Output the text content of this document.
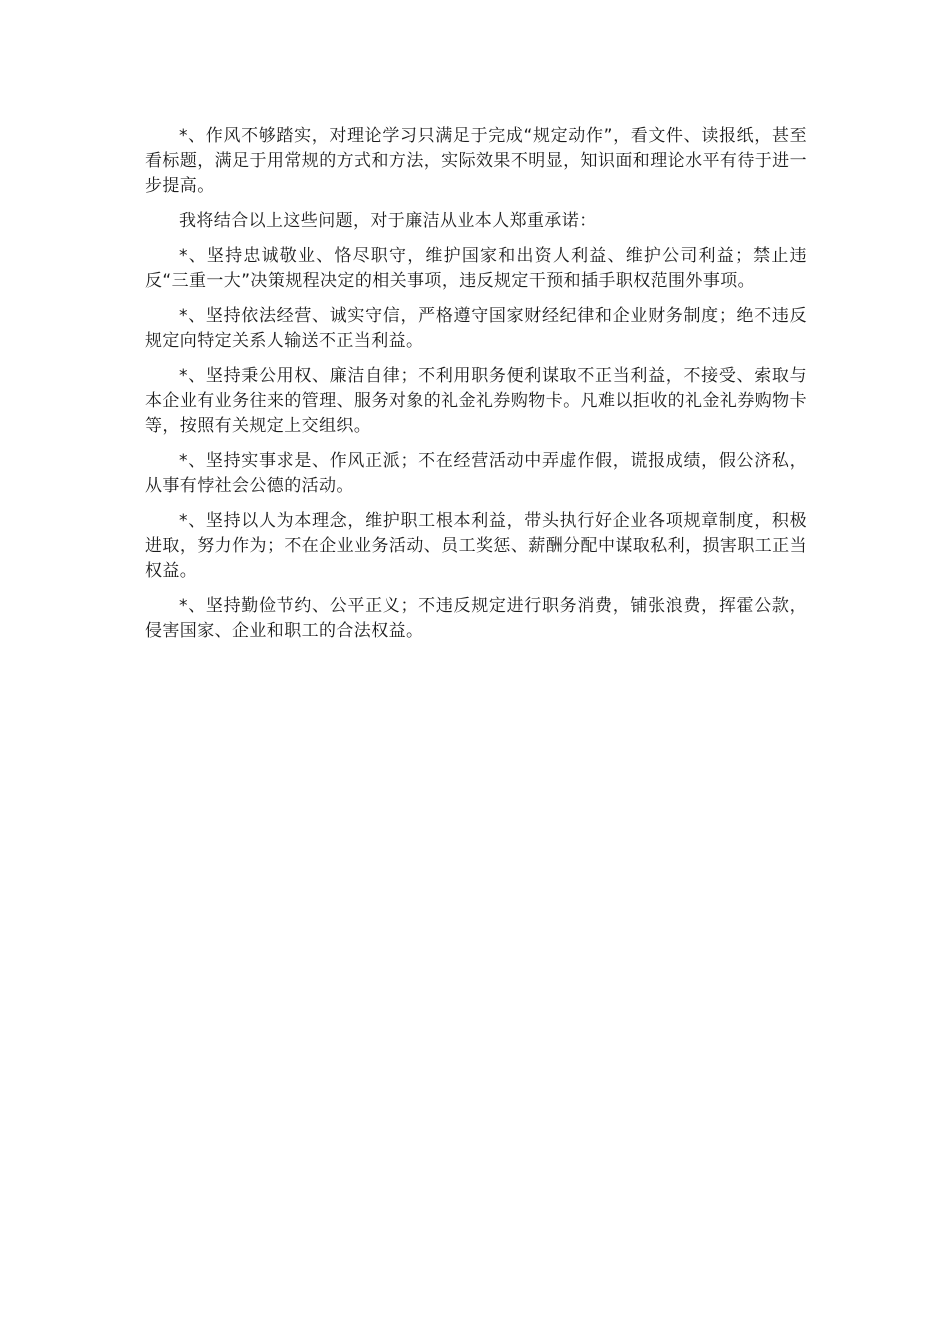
*、作风不够踏实，对理论学习只满足于完成“规定动作”，看文件、读报纸，甚至看标题，满足于用常规的方式和方法，实际效果不明显，知识面和理论水平有待于进一步提高。

我将结合以上这些问题，对于廉洁从业本人郑重承诺：

*、坚持忠诚敬业、恪尽职守，维护国家和出资人利益、维护公司利益；禁止违反“三重一大”决策规程决定的相关事项，违反规定干预和插手职权范围外事项。

*、坚持依法经营、诚实守信，严格遵守国家财经纪律和企业财务制度；绝不违反规定向特定关系人输送不正当利益。

*、坚持秉公用权、廉洁自律；不利用职务便利谋取不正当利益，不接受、索取与本企业有业务往来的管理、服务对象的礼金礼券购物卡。凡难以拒收的礼金礼券购物卡等，按照有关规定上交组织。

*、坚持实事求是、作风正派；不在经营活动中弄虚作假，谎报成绩，假公济私，从事有悖社会公德的活动。

*、坚持以人为本理念，维护职工根本利益，带头执行好企业各项规章制度，积极进取，努力作为；不在企业业务活动、员工奖惩、薪酬分配中谋取私利，损害职工正当权益。

*、坚持勤俭节约、公平正义；不违反规定进行职务消费，铺张浪费，挥霍公款，侵害国家、企业和职工的合法权益。
